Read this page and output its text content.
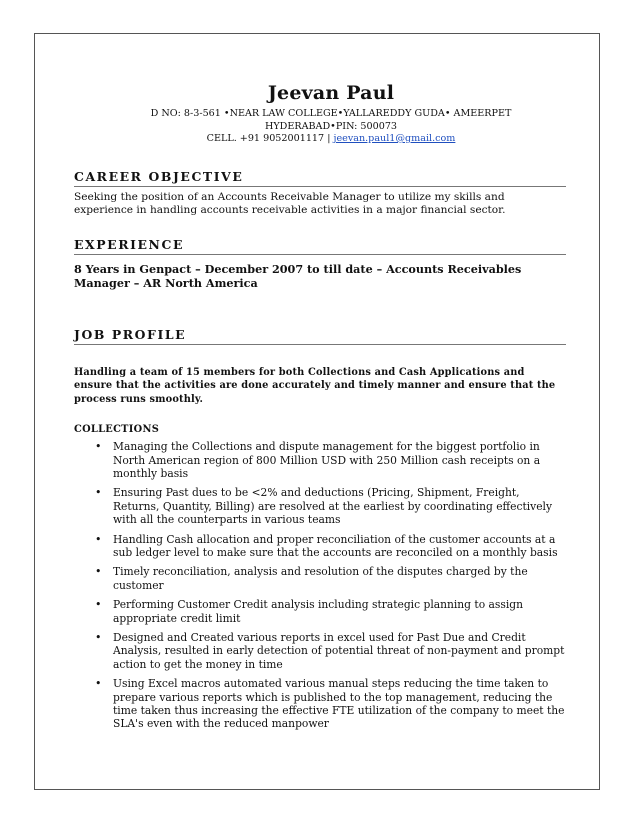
Jeevan Paul
D NO: 8-3-561 •NEAR LAW COLLEGE•YALLAREDDY GUDA• AMEERPET
HYDERABAD•PIN: 500073
CELL. +91 9052001117 | jeevan.paul1@gmail.com
CAREER OBJECTIVE
Seeking the position of an Accounts Receivable Manager to utilize my skills and experience in handling accounts receivable activities in a major financial sector.
EXPERIENCE
8 Years in Genpact – December 2007 to till date – Accounts Receivables Manager – AR North America
JOB PROFILE
Handling a team of 15 members for both Collections and Cash Applications and ensure that the activities are done accurately and timely manner and ensure that the process runs smoothly.
COLLECTIONS
• Managing the Collections and dispute management for the biggest portfolio in North American region of 800 Million USD with 250 Million cash receipts on a monthly basis
• Ensuring Past dues to be <2% and deductions (Pricing, Shipment, Freight, Returns, Quantity, Billing) are resolved at the earliest by coordinating effectively with all the counterparts in various teams
• Handling Cash allocation and proper reconciliation of the customer accounts at a sub ledger level to make sure that the accounts are reconciled on a monthly basis
• Timely reconciliation, analysis and resolution of the disputes charged by the customer
• Performing Customer Credit analysis including strategic planning to assign appropriate credit limit
• Designed and Created various reports in excel used for Past Due and Credit Analysis, resulted in early detection of potential threat of non-payment and prompt action to get the money in time
• Using Excel macros automated various manual steps reducing the time taken to prepare various reports which is published to the top management, reducing the time taken thus increasing the effective FTE utilization of the company to meet the SLA's even with the reduced manpower
